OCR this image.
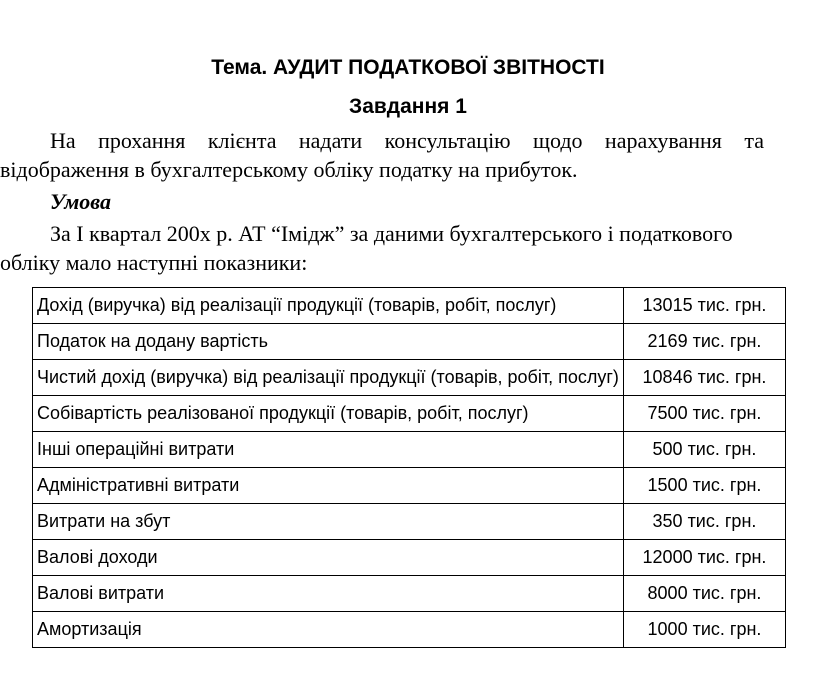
Тема. АУДИТ ПОДАТКОВОЇ ЗВІТНОСТІ
Завдання 1

На прохання клієнта надати консультацію щодо нарахування та

відображення в бухгалтерському обліку податку на прибуток.

Умова

За I квартал 200х р. АТ “Імідж” за даними бухгалтерського і податкового

обліку мало наступні показники:

Дохід (виручка) від реалізації продукції (товарів, робіт, послуг)	13015 тис. грн.
Податок на додану вартість	2169 тис. грн.
Чистий дохід (виручка) від реалізації продукції (товарів, робіт, послуг)	10846 тис. грн.
Собівартість реалізованої продукції (товарів, робіт, послуг)	7500 тис. грн.
Інші операційні витрати	500 тис. грн.
Адміністративні витрати	1500 тис. грн.
Витрати на збут	350 тис. грн.
Валові доходи	12000 тис. грн.
Валові витрати	8000 тис. грн.
Амортизація	1000 тис. грн.
